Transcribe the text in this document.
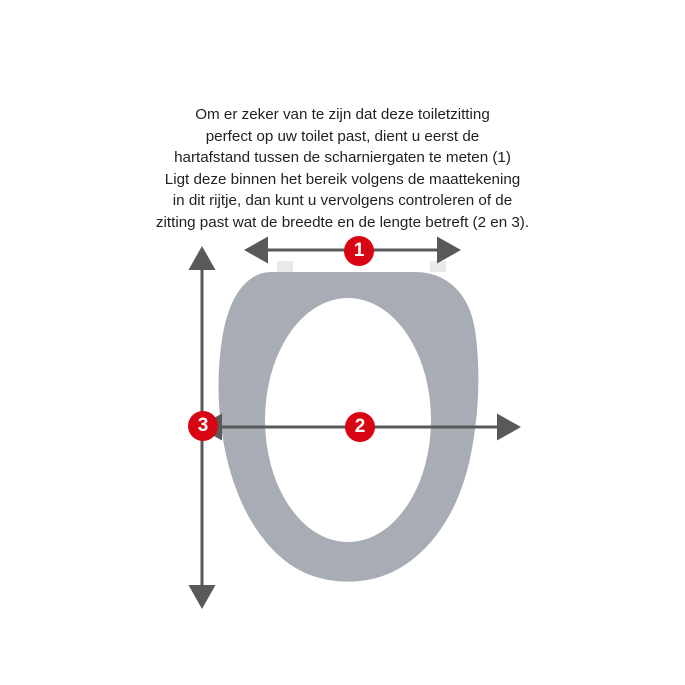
Om er zeker van te zijn dat deze toiletzitting
perfect op uw toilet past, dient u eerst de
hartafstand tussen de scharniergaten te meten (1)
Ligt deze binnen het bereik volgens de maattekening
in dit rijtje, dan kunt u vervolgens controleren of de
zitting past wat de breedte en de lengte betreft (2 en 3).
1
2
3
